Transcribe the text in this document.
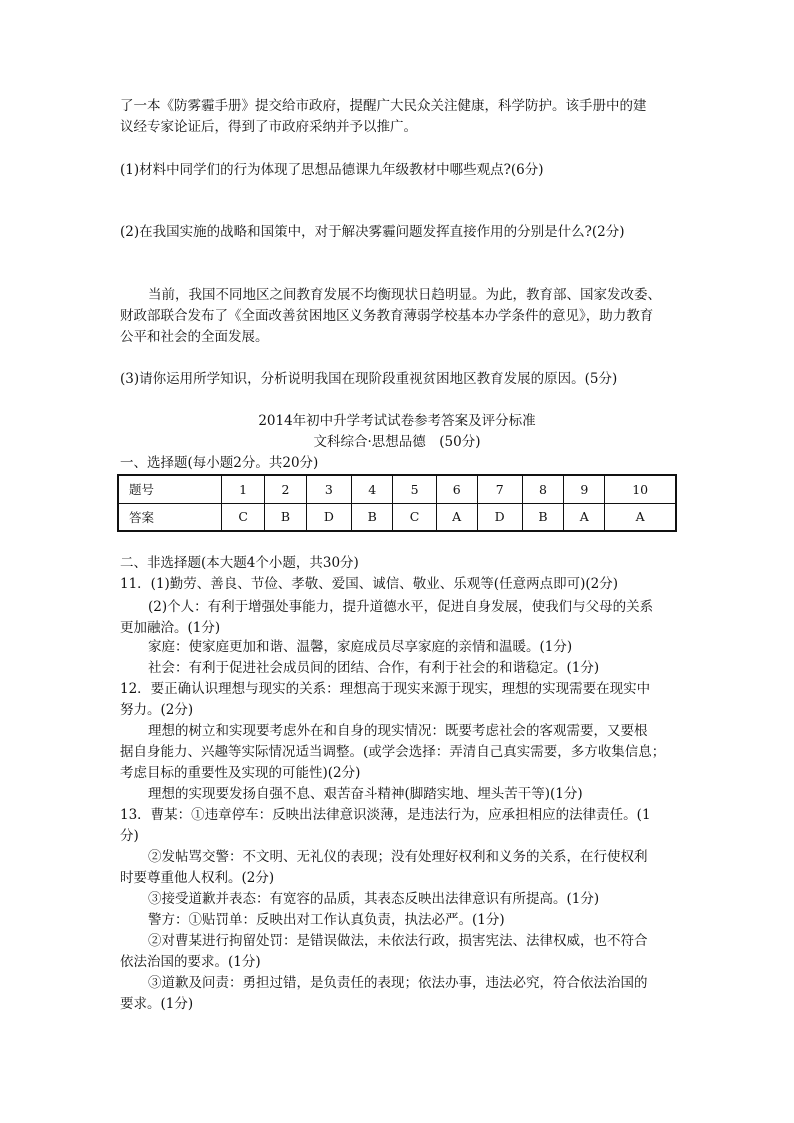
了一本《防雾霾手册》提交给市政府，提醒广大民众关注健康，科学防护。该手册中的建
议经专家论证后，得到了市政府采纳并予以推广。
(1)材料中同学们的行为体现了思想品德课九年级教材中哪些观点?(6分)
(2)在我国实施的战略和国策中，对于解决雾霾问题发挥直接作用的分别是什么?(2分)
当前，我国不同地区之间教育发展不均衡现状日趋明显。为此，教育部、国家发改委、
财政部联合发布了《全面改善贫困地区义务教育薄弱学校基本办学条件的意见》，助力教育
公平和社会的全面发展。
(3)请你运用所学知识，分析说明我国在现阶段重视贫困地区教育发展的原因。(5分)
2014年初中升学考试试卷参考答案及评分标准
文科综合·思想品德　(50分)
一、选择题(每小题2分。共20分)
题号	1	2	3	4	5	6	7	8	9	10
答案	C	B	D	B	C	A	D	B	A	A
二、非选择题(本大题4个小题，共30分)
11．(1)勤劳、善良、节俭、孝敬、爱国、诚信、敬业、乐观等(任意两点即可)(2分)
(2)个人：有利于增强处事能力，提升道德水平，促进自身发展，使我们与父母的关系
更加融洽。(1分)
家庭：使家庭更加和谐、温馨，家庭成员尽享家庭的亲情和温暖。(1分)
社会：有利于促进社会成员间的团结、合作，有利于社会的和谐稳定。(1分)
12．要正确认识理想与现实的关系：理想高于现实来源于现实，理想的实现需要在现实中
努力。(2分)
理想的树立和实现要考虑外在和自身的现实情况：既要考虑社会的客观需要，又要根
据自身能力、兴趣等实际情况适当调整。(或学会选择：弄清自己真实需要，多方收集信息；
考虑目标的重要性及实现的可能性)(2分)
理想的实现要发扬自强不息、艰苦奋斗精神(脚踏实地、埋头苦干等)(1分)
13．曹某：①违章停车：反映出法律意识淡薄，是违法行为，应承担相应的法律责任。(1
分)
②发帖骂交警：不文明、无礼仪的表现；没有处理好权利和义务的关系，在行使权利
时要尊重他人权利。(2分)
③接受道歉并表态：有宽容的品质，其表态反映出法律意识有所提高。(1分)
警方：①贴罚单：反映出对工作认真负责，执法必严。(1分)
②对曹某进行拘留处罚：是错误做法，未依法行政，损害宪法、法律权威，也不符合
依法治国的要求。(1分)
③道歉及问责：勇担过错，是负责任的表现；依法办事，违法必究，符合依法治国的
要求。(1分)
